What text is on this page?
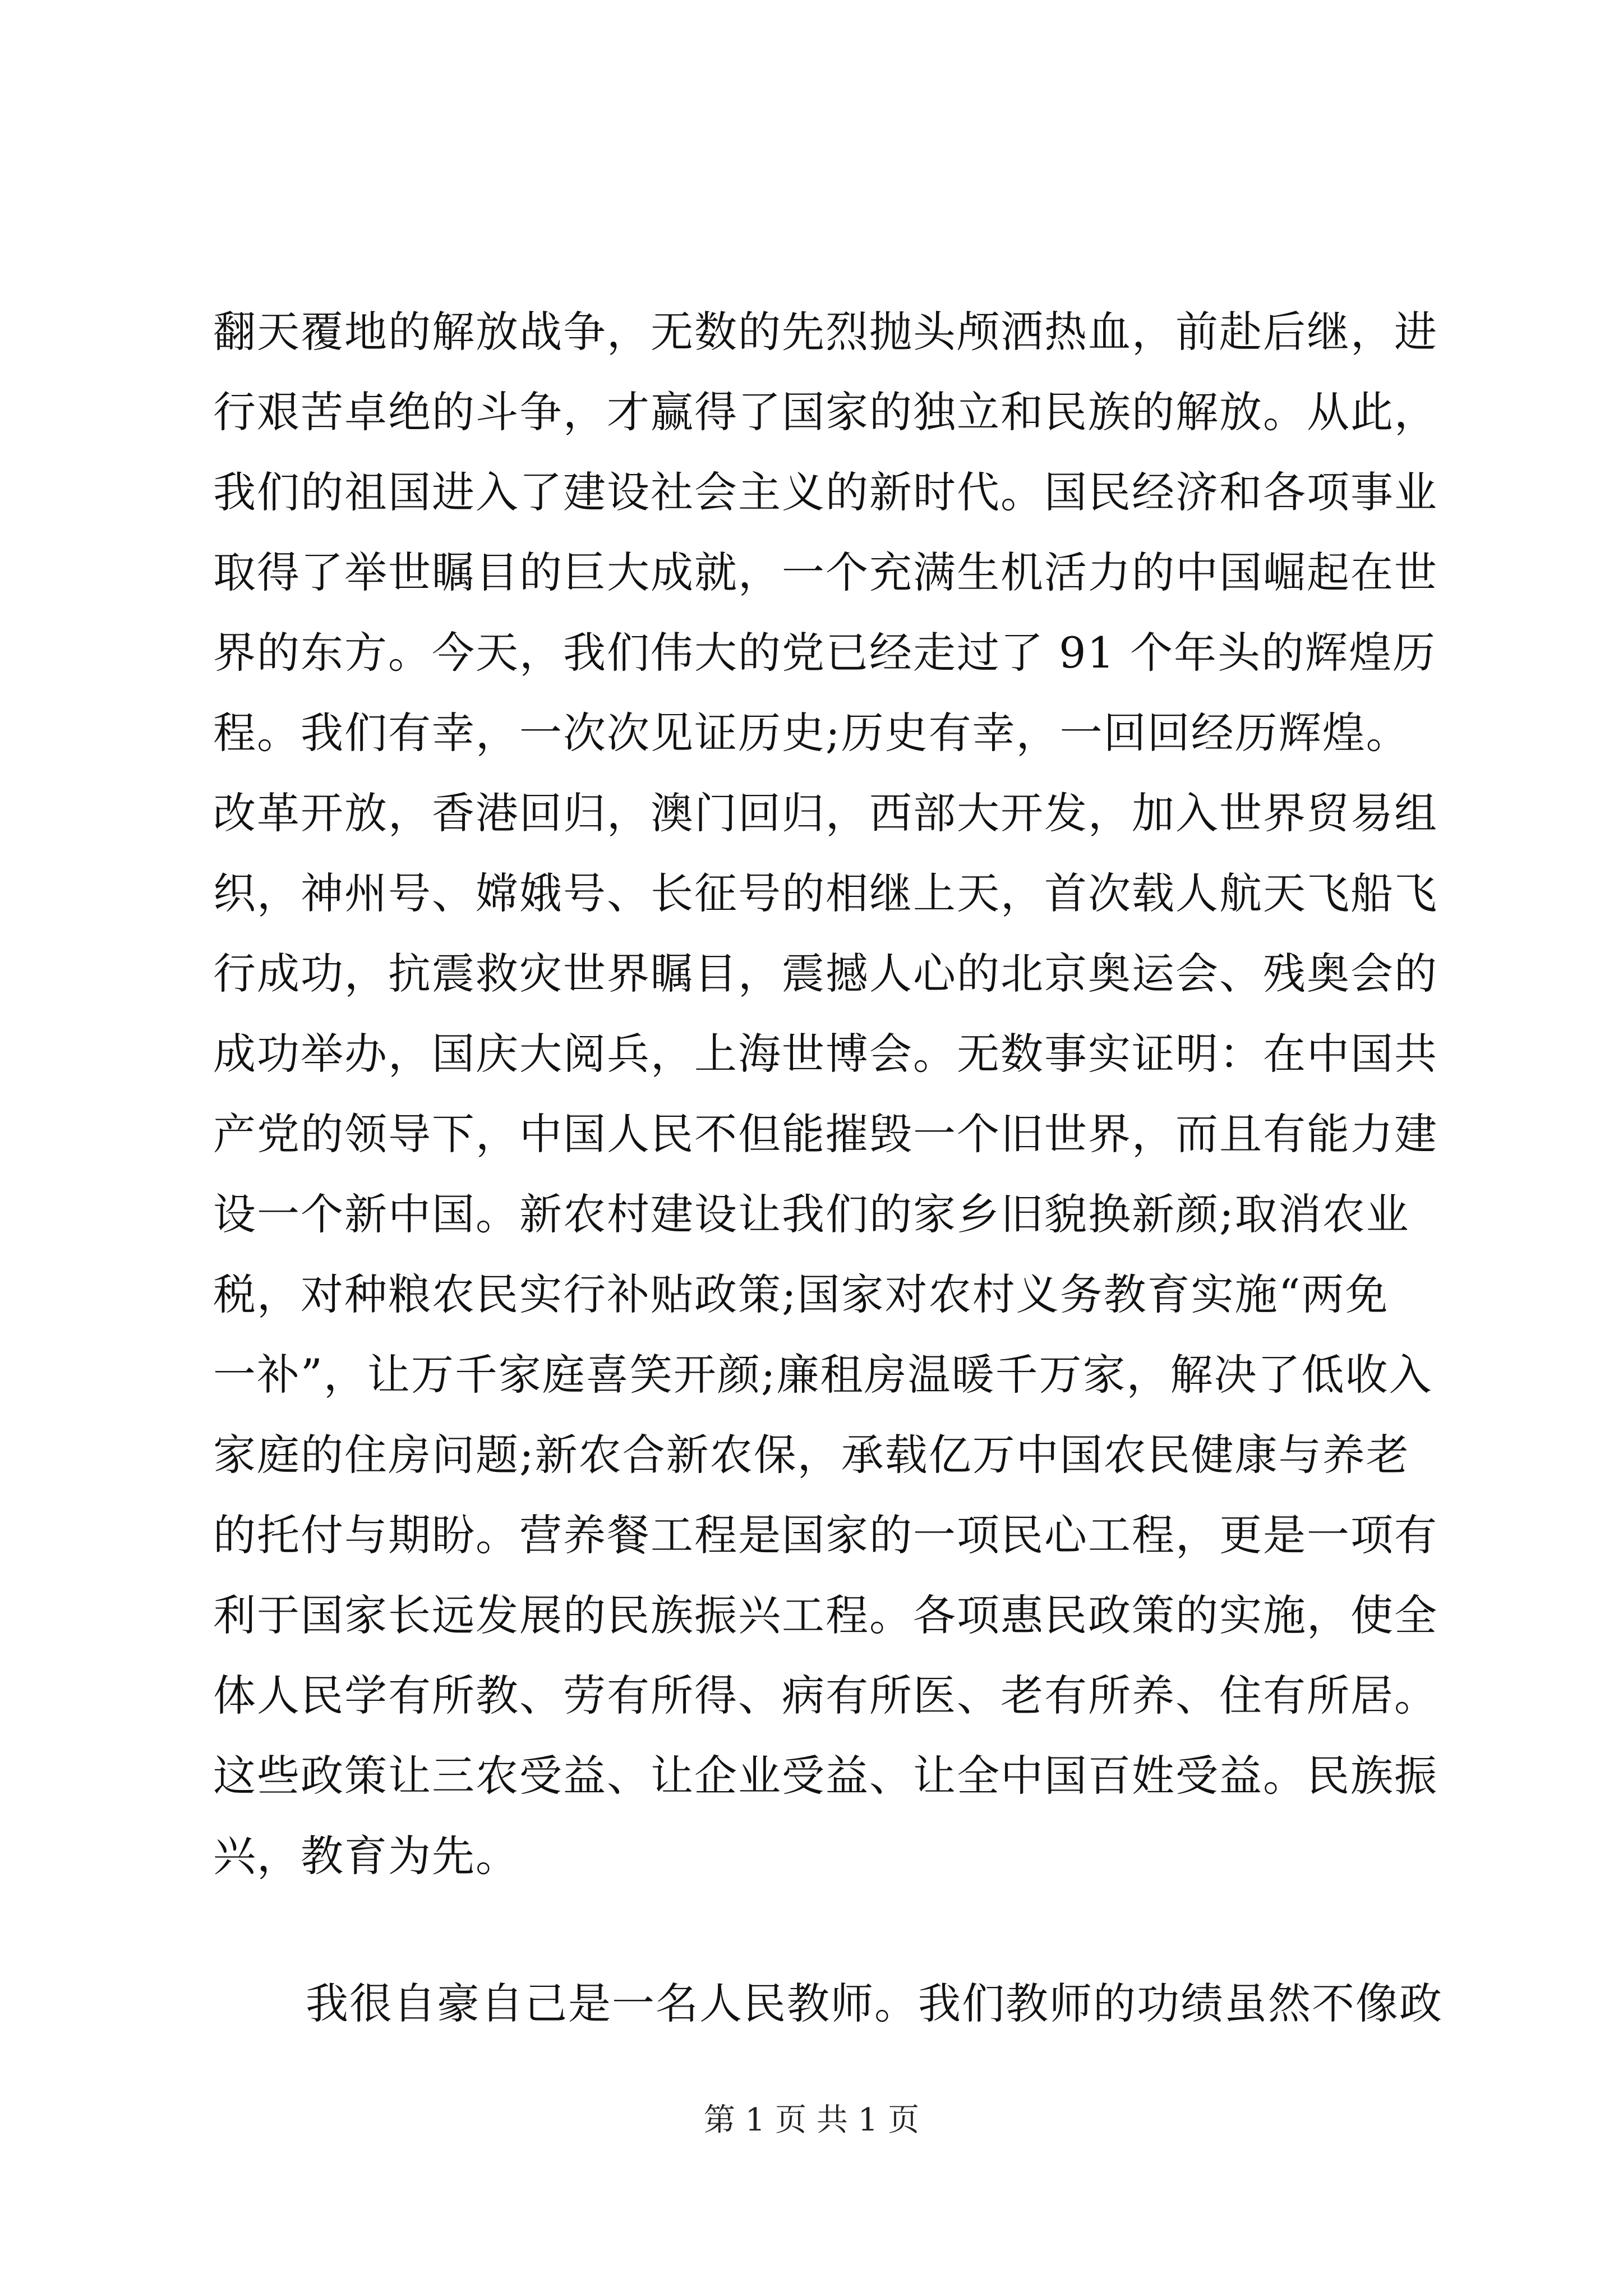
翻天覆地的解放战争，无数的先烈抛头颅洒热血，前赴后继，进
行艰苦卓绝的斗争，才赢得了国家的独立和民族的解放。从此，
我们的祖国进入了建设社会主义的新时代。国民经济和各项事业
取得了举世瞩目的巨大成就，一个充满生机活力的中国崛起在世
界的东方。今天，我们伟大的党已经走过了 91 个年头的辉煌历
程。我们有幸，一次次见证历史;历史有幸，一回回经历辉煌。
改革开放，香港回归，澳门回归，西部大开发，加入世界贸易组
织，神州号、嫦娥号、长征号的相继上天，首次载人航天飞船飞
行成功，抗震救灾世界瞩目，震撼人心的北京奥运会、残奥会的
成功举办，国庆大阅兵，上海世博会。无数事实证明：在中国共
产党的领导下，中国人民不但能摧毁一个旧世界，而且有能力建
设一个新中国。新农村建设让我们的家乡旧貌换新颜;取消农业
税，对种粮农民实行补贴政策;国家对农村义务教育实施“两免
一补”，让万千家庭喜笑开颜;廉租房温暖千万家，解决了低收入
家庭的住房问题;新农合新农保，承载亿万中国农民健康与养老
的托付与期盼。营养餐工程是国家的一项民心工程，更是一项有
利于国家长远发展的民族振兴工程。各项惠民政策的实施，使全
体人民学有所教、劳有所得、病有所医、老有所养、住有所居。
这些政策让三农受益、让企业受益、让全中国百姓受益。民族振
兴，教育为先。
我很自豪自己是一名人民教师。我们教师的功绩虽然不像政
第 1 页 共 1 页
